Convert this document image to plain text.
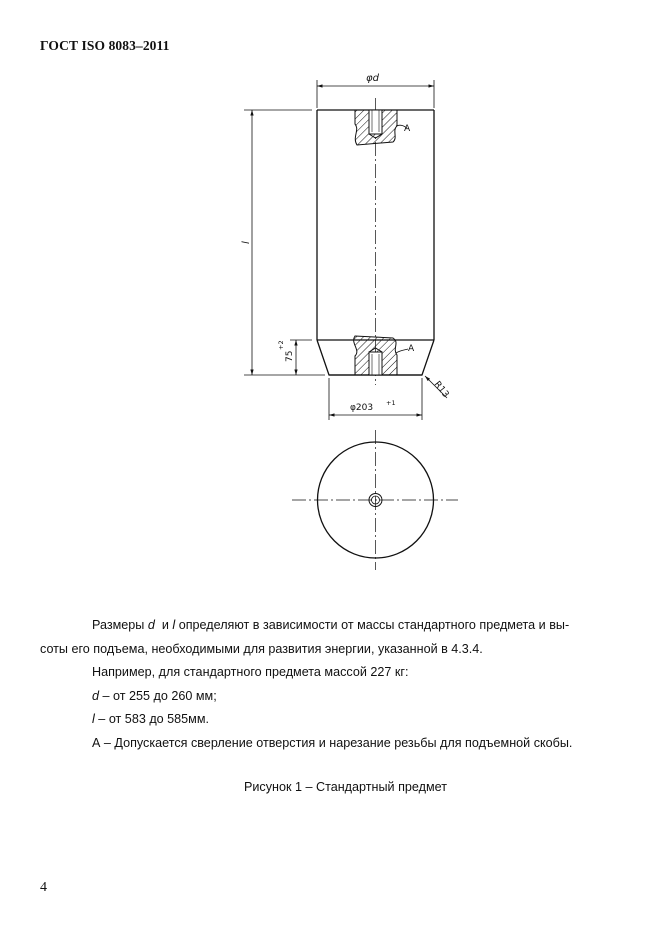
ГОСТ ISO 8083–2011
A
A
φd
l
75
+2
φ203 +1
R13
Размеры d  и l определяют в зависимости от массы стандартного предмета и вы-
соты его подъема, необходимыми для развития энергии, указанной в 4.3.4.
Например, для стандартного предмета массой 227 кг:
d – от 255 до 260 мм;
l – от 583 до 585мм.
А – Допускается сверление отверстия и нарезание резьбы для подъемной скобы.
Рисунок 1 – Стандартный предмет
4
